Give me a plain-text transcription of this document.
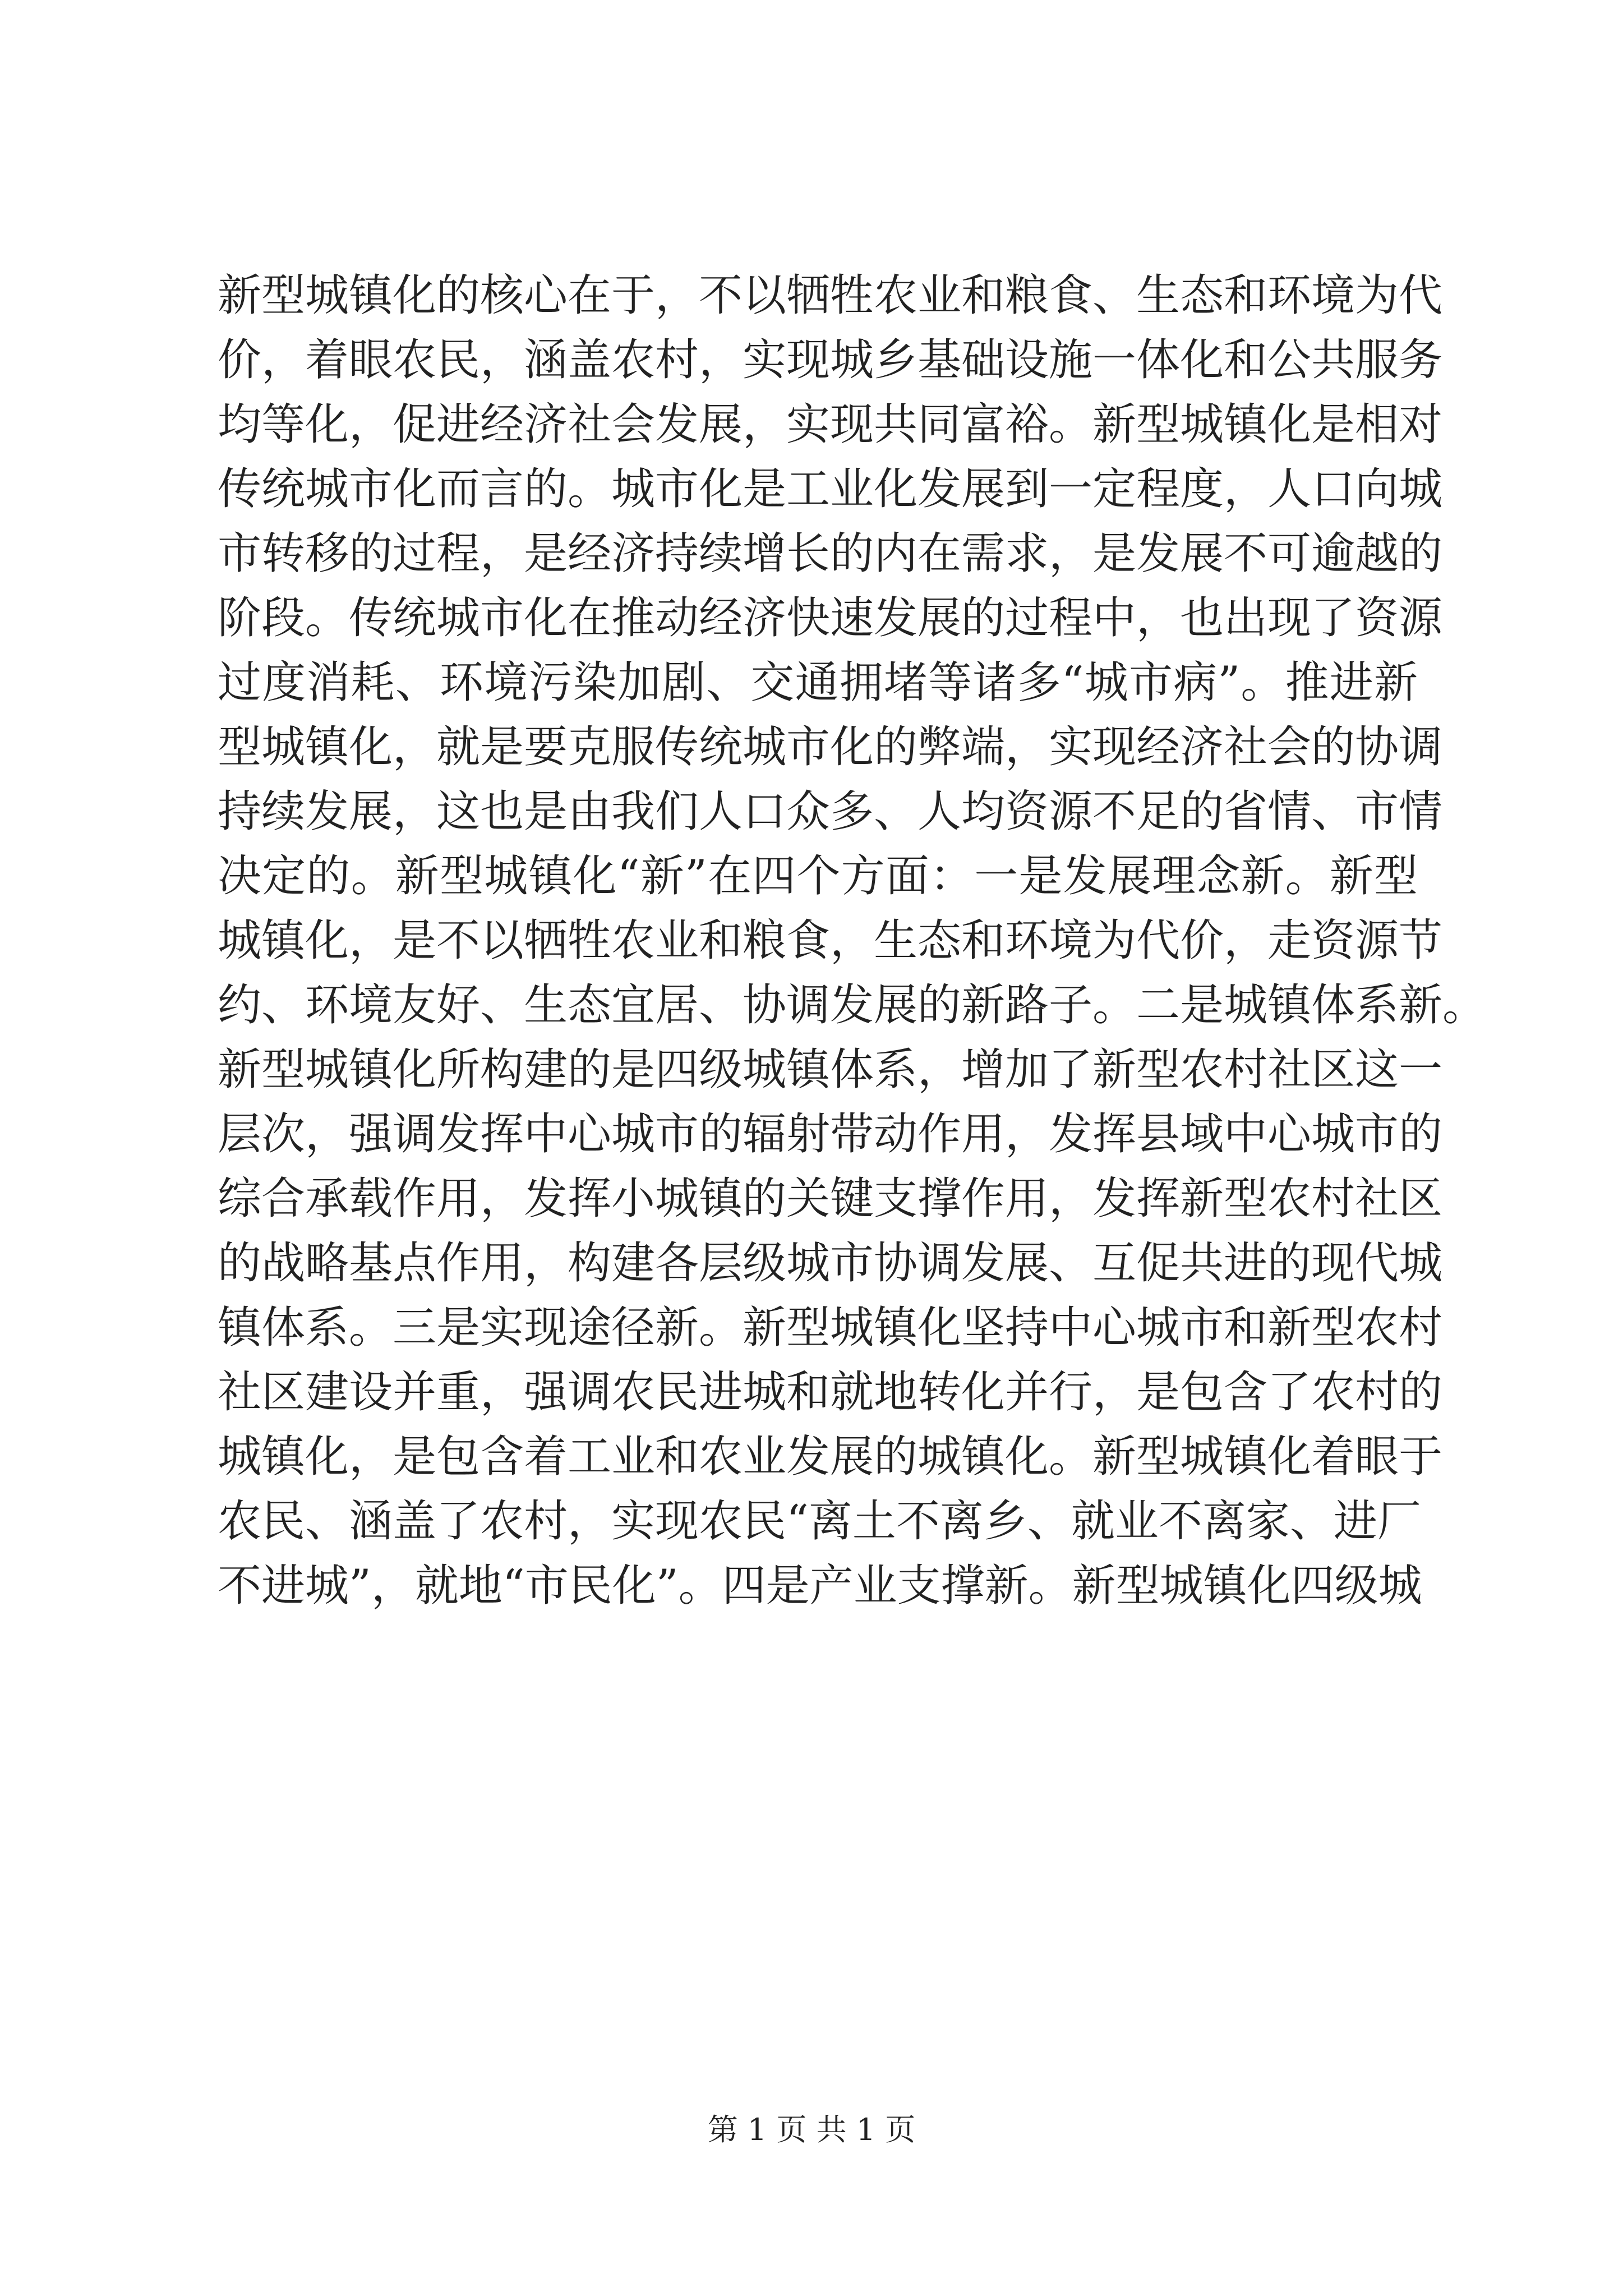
新型城镇化的核心在于，不以牺牲农业和粮食、生态和环境为代
价，着眼农民，涵盖农村，实现城乡基础设施一体化和公共服务
均等化，促进经济社会发展，实现共同富裕。新型城镇化是相对
传统城市化而言的。城市化是工业化发展到一定程度，人口向城
市转移的过程，是经济持续增长的内在需求，是发展不可逾越的
阶段。传统城市化在推动经济快速发展的过程中，也出现了资源
过度消耗、环境污染加剧、交通拥堵等诸多“城市病”。推进新
型城镇化，就是要克服传统城市化的弊端，实现经济社会的协调
持续发展，这也是由我们人口众多、人均资源不足的省情、市情
决定的。新型城镇化“新”在四个方面：一是发展理念新。新型
城镇化，是不以牺牲农业和粮食，生态和环境为代价，走资源节
约、环境友好、生态宜居、协调发展的新路子。二是城镇体系新。
新型城镇化所构建的是四级城镇体系，增加了新型农村社区这一
层次，强调发挥中心城市的辐射带动作用，发挥县域中心城市的
综合承载作用，发挥小城镇的关键支撑作用，发挥新型农村社区
的战略基点作用，构建各层级城市协调发展、互促共进的现代城
镇体系。三是实现途径新。新型城镇化坚持中心城市和新型农村
社区建设并重，强调农民进城和就地转化并行，是包含了农村的
城镇化，是包含着工业和农业发展的城镇化。新型城镇化着眼于
农民、涵盖了农村，实现农民“离土不离乡、就业不离家、进厂
不进城”，就地“市民化”。四是产业支撑新。新型城镇化四级城
第 1 页 共 1 页
